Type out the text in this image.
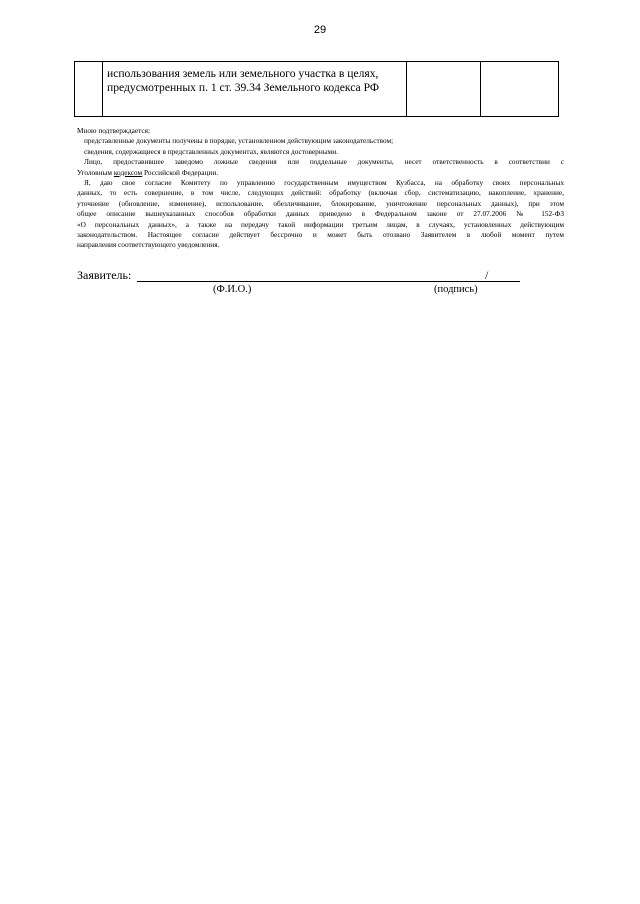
29
	использования земель или земельного участка в целях, предусмотренных п. 1 ст. 39.34 Земельного кодекса РФ		

Мною подтверждается:

представленные документы получены в порядке, установленном действующим законодательством;

сведения, содержащиеся в представленных документах, являются достоверными.

Лицо, предоставившее заведомо ложные сведения или поддельные документы, несет ответственность в соответствии с

Уголовным кодексом Российской Федерации.

Я, даю свое согласие Комитету по управлению государственным имуществом Кузбасса, на обработку своих персональных

данных, то есть совершение, в том числе, следующих действий: обработку (включая сбор, систематизацию, накопление, хранение,

уточнение (обновление, изменение), использование, обезличивание, блокирование, уничтожение персональных данных), при этом

общее описание вышеуказанных способов обработки данных приведено в Федеральном законе от 27.07.2006 № 152-ФЗ

«О персональных данных», а также на передачу такой информации третьим лицам, в случаях, установленных действующим

законодательством. Настоящее согласие действует бессрочно и может быть отозвано Заявителем в любой момент путем

направления соответствующего уведомления.

Заявитель:	/
(Ф.И.О.)	(подпись)
